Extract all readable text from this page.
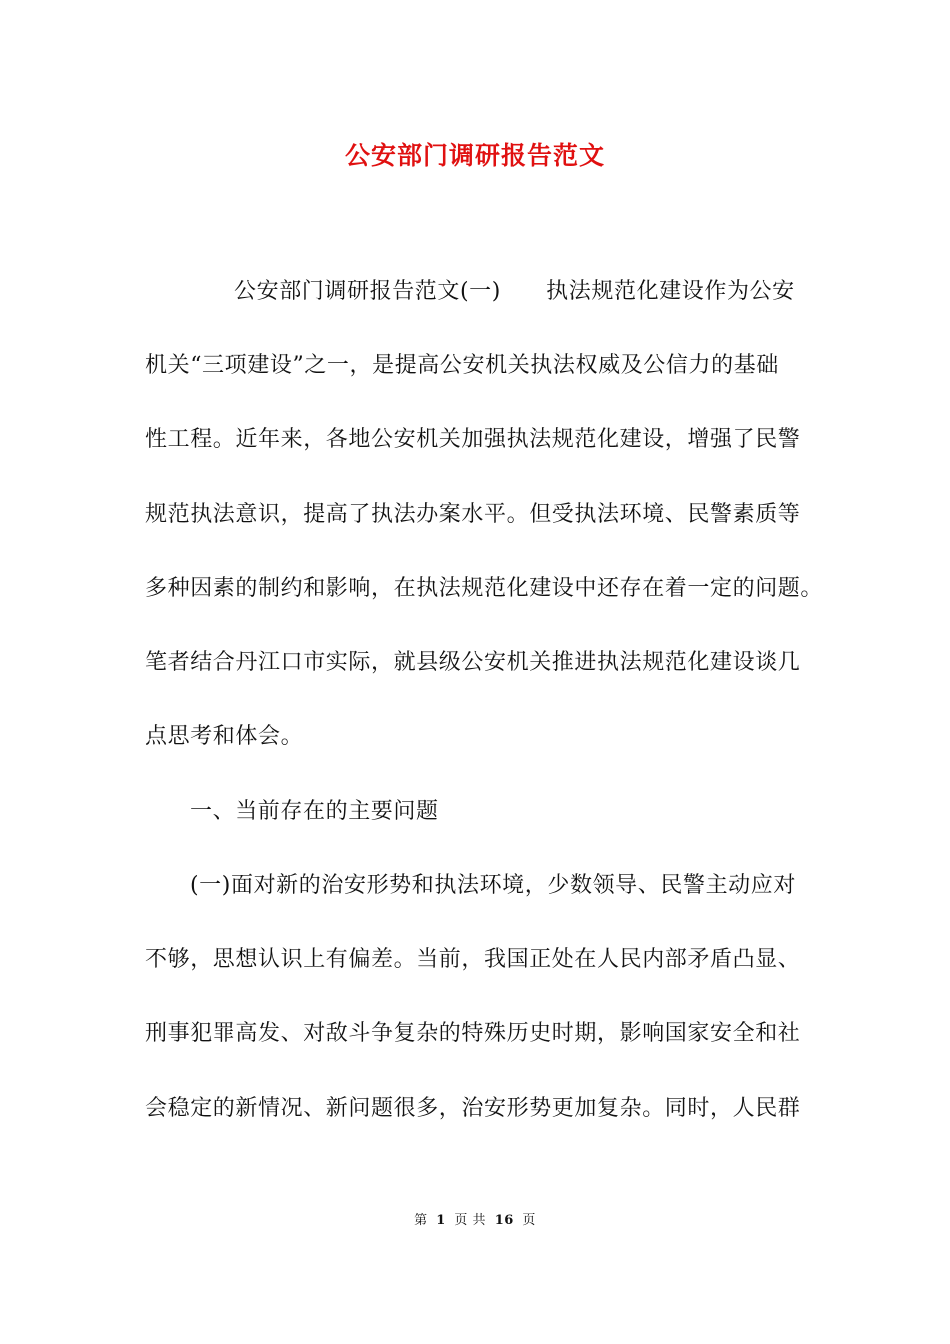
公安部门调研报告范文
公安部门调研报告范文(一)　　执法规范化建设作为公安
机关“三项建设”之一，是提高公安机关执法权威及公信力的基础
性工程。近年来，各地公安机关加强执法规范化建设，增强了民警
规范执法意识，提高了执法办案水平。但受执法环境、民警素质等
多种因素的制约和影响，在执法规范化建设中还存在着一定的问题。
笔者结合丹江口市实际，就县级公安机关推进执法规范化建设谈几
点思考和体会。
一、当前存在的主要问题
(一)面对新的治安形势和执法环境，少数领导、民警主动应对
不够，思想认识上有偏差。当前，我国正处在人民内部矛盾凸显、
刑事犯罪高发、对敌斗争复杂的特殊历史时期，影响国家安全和社
会稳定的新情况、新问题很多，治安形势更加复杂。同时，人民群
第 1 页 共 16 页
